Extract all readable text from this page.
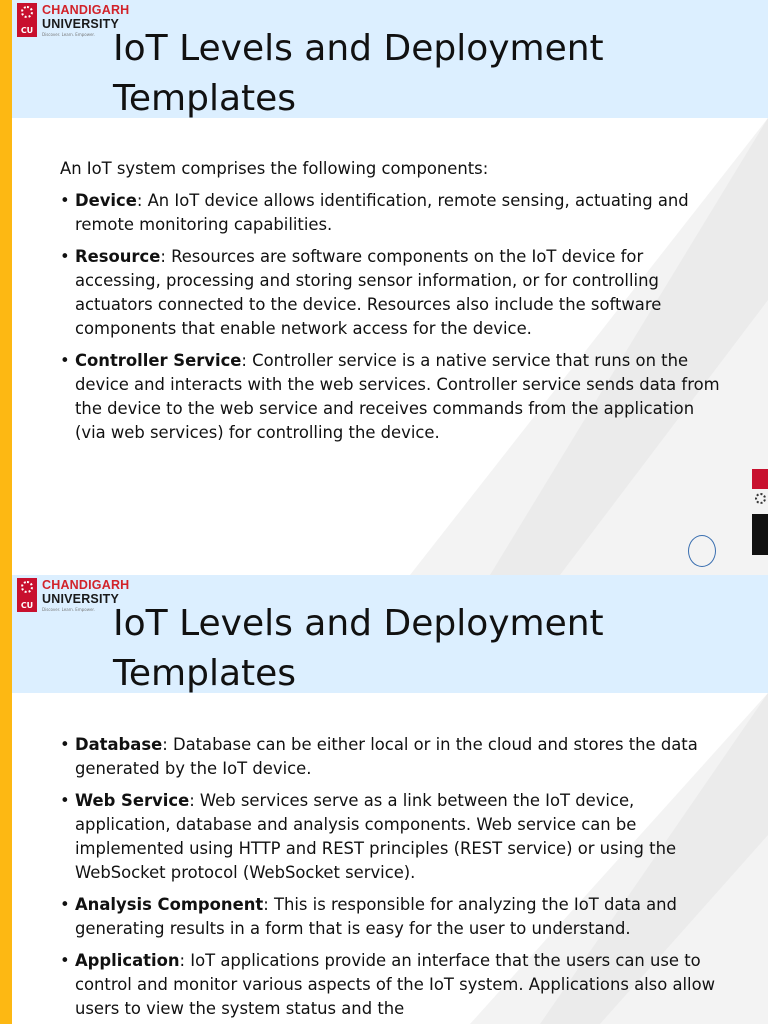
CU
CHANDIGARH
UNIVERSITY
Discover. Learn. Empower. IoT Levels and Deployment Templates

An IoT system comprises the following components:

• Device: An IoT device allows identification, remote sensing, actuating and remote monitoring capabilities.
• Resource: Resources are software components on the IoT device for accessing, processing and storing sensor information, or for controlling actuators connected to the device. Resources also include the software components that enable network access for the device.
• Controller Service: Controller service is a native service that runs on the device and interacts with the web services. Controller service sends data from the device to the web service and receives commands from the application (via web services) for controlling the device.
CU
CHANDIGARH
UNIVERSITY
Discover. Learn. Empower. IoT Levels and Deployment Templates
• Database: Database can be either local or in the cloud and stores the data generated by the IoT device.
• Web Service: Web services serve as a link between the IoT device, application, database and analysis components. Web service can be implemented using HTTP and REST principles (REST service) or using the WebSocket protocol (WebSocket service).
• Analysis Component: This is responsible for analyzing the IoT data and generating results in a form that is easy for the user to understand.
• Application: IoT applications provide an interface that the users can use to control and monitor various aspects of the IoT system. Applications also allow users to view the system status and the
